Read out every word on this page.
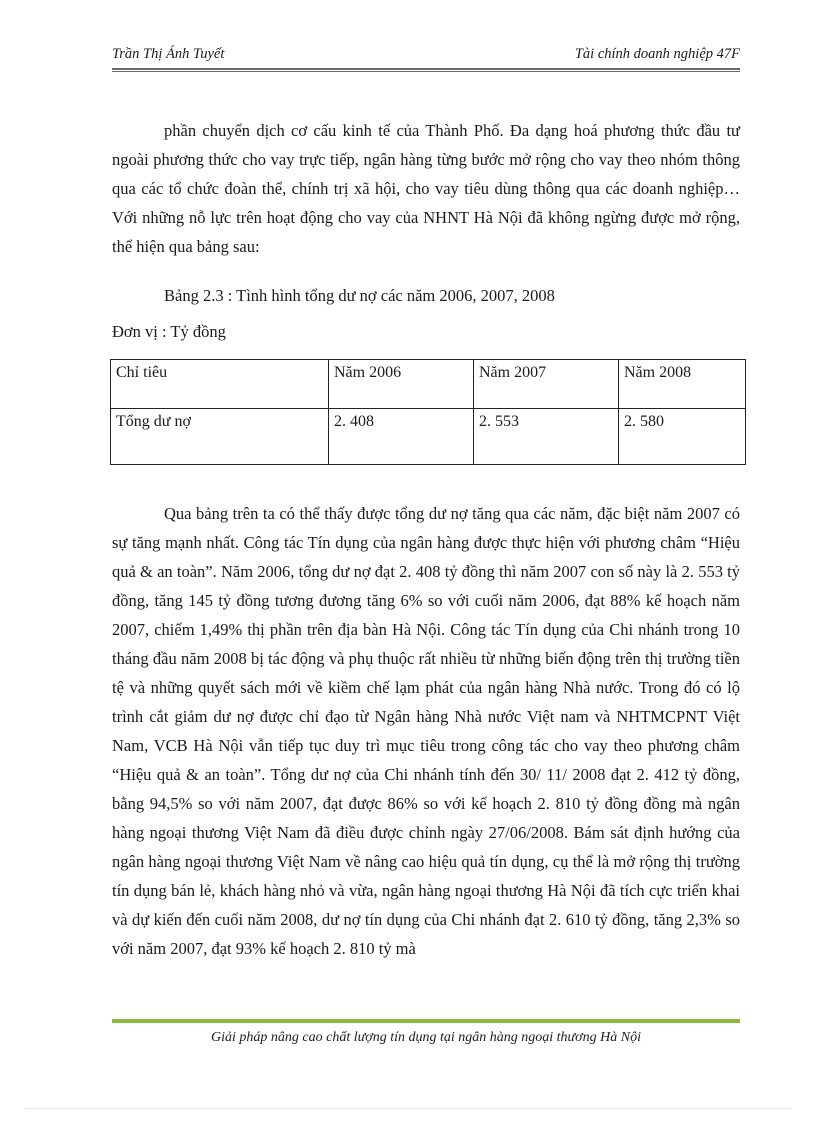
Trần Thị Ánh Tuyết	Tài chính doanh nghiệp 47F

phần chuyển dịch cơ cấu kinh tế của Thành Phố. Đa dạng hoá phương thức đầu tư ngoài phương thức cho vay trực tiếp, ngân hàng từng bước mở rộng cho vay theo nhóm thông qua các tổ chức đoàn thể, chính trị xã hội, cho vay tiêu dùng thông qua các doanh nghiệp…Với những nỗ lực trên hoạt động cho vay của NHNT Hà Nội đã không ngừng được mở rộng, thể hiện qua bảng sau:

Bảng 2.3 : Tình hình tổng dư nợ các năm 2006, 2007, 2008
Đơn vị : Tỷ đồng
Chỉ tiêu	Năm 2006	Năm 2007	Năm 2008
Tổng dư nợ	2. 408	2. 553	2. 580

Qua bảng trên ta có thể thấy được tổng dư nợ tăng qua các năm, đặc biệt năm 2007 có sự tăng mạnh nhất. Công tác Tín dụng của ngân hàng được thực hiện với phương châm “Hiệu quả & an toàn”. Năm 2006, tổng dư nợ đạt 2. 408 tỷ đồng thì năm 2007 con số này là 2. 553 tỷ đồng, tăng 145 tỷ đồng tương đương tăng 6% so với cuối năm 2006, đạt 88% kế hoạch năm 2007, chiếm 1,49% thị phần trên địa bàn Hà Nội. Công tác Tín dụng của Chi nhánh trong 10 tháng đầu năm 2008 bị tác động và phụ thuộc rất nhiều từ những biến động trên thị trường tiền tệ và những quyết sách mới về kiềm chế lạm phát của ngân hàng Nhà nước. Trong đó có lộ trình cắt giảm dư nợ được chỉ đạo từ Ngân hàng Nhà nước Việt nam và NHTMCPNT Việt Nam, VCB Hà Nội vẫn tiếp tục duy trì mục tiêu trong công tác cho vay theo phương châm “Hiệu quả & an toàn”. Tổng dư nợ của Chi nhánh tính đến 30/ 11/ 2008 đạt 2. 412 tỷ đồng, bằng 94,5% so với năm 2007, đạt được 86% so với kế hoạch 2. 810 tỷ đồng đồng mà ngân hàng ngoại thương Việt Nam đã điều được chỉnh ngày 27/06/2008. Bám sát định hướng của ngân hàng ngoại thương Việt Nam về nâng cao hiệu quả tín dụng, cụ thể là mở rộng thị trường tín dụng bán lẻ, khách hàng nhỏ và vừa, ngân hàng ngoại thương Hà Nội đã tích cực triển khai và dự kiến đến cuối năm 2008, dư nợ tín dụng của Chi nhánh đạt 2. 610 tỷ đồng, tăng 2,3% so với năm 2007, đạt 93% kế hoạch 2. 810 tỷ mà

Giải pháp nâng cao chất lượng tín dụng tại ngân hàng ngoại thương Hà Nội
